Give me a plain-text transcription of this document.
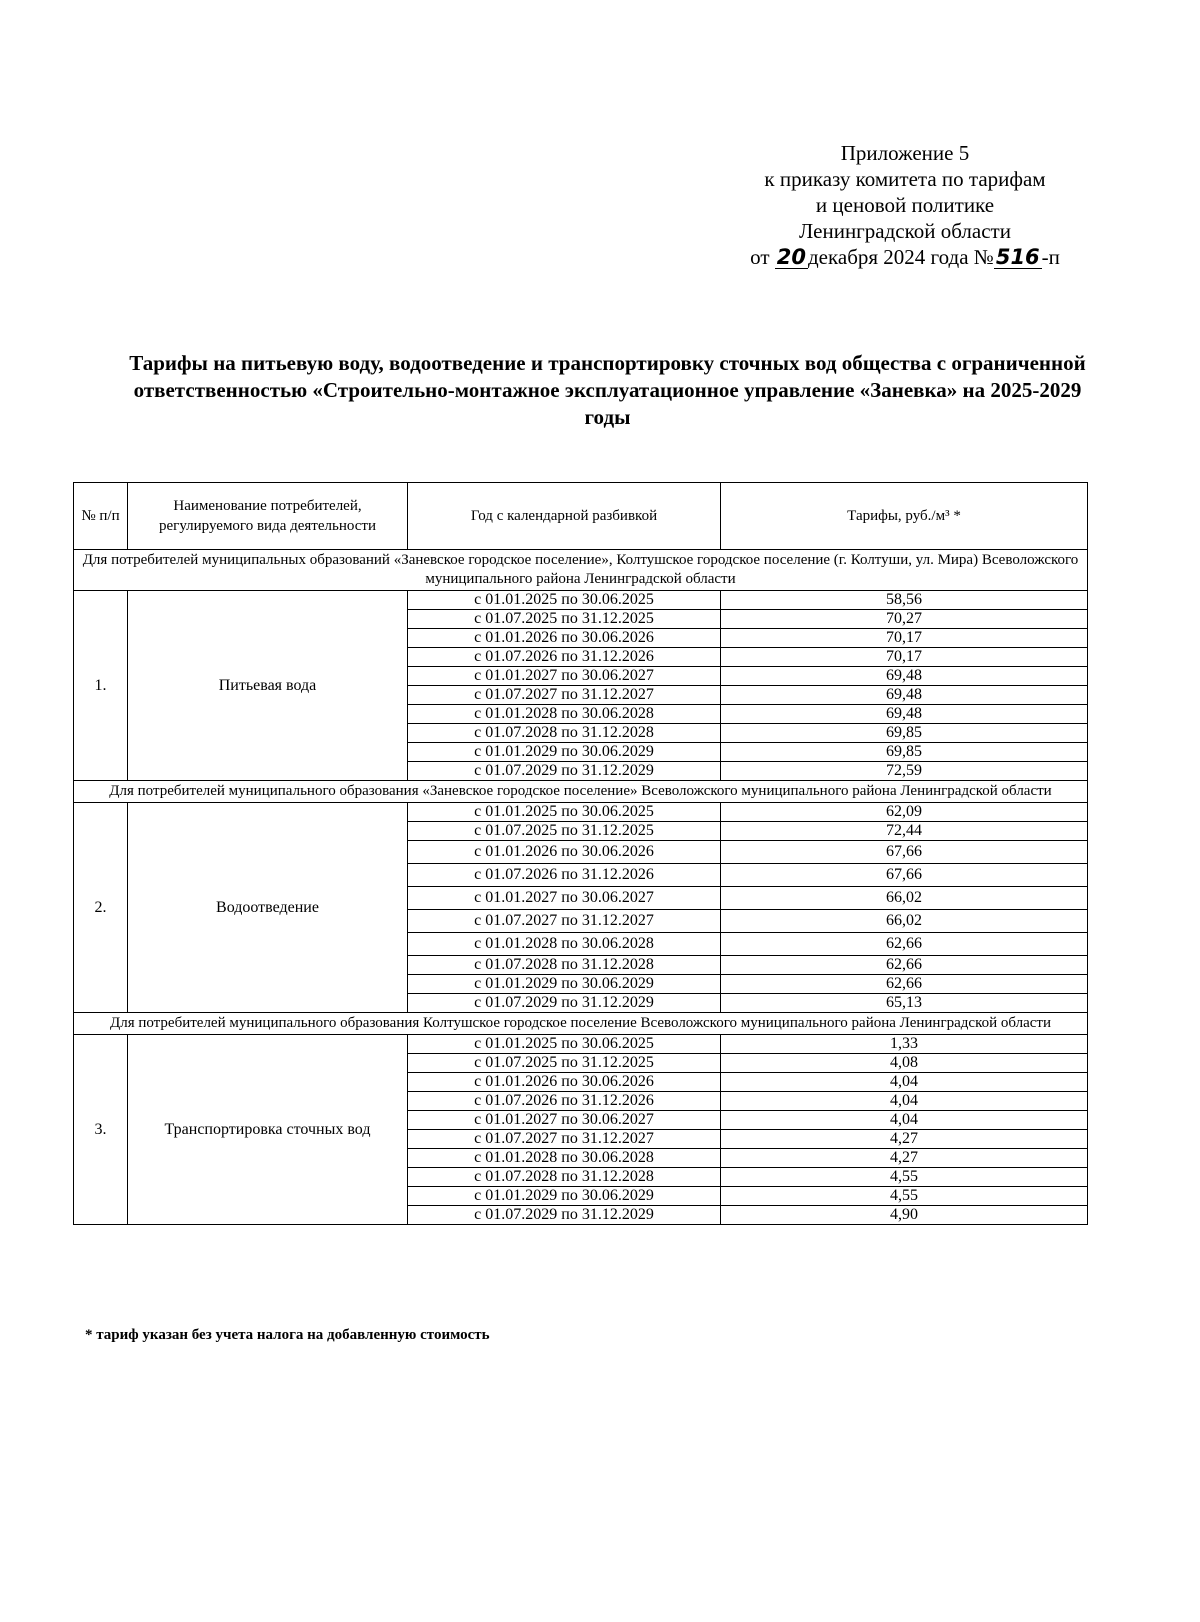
Приложение 5
к приказу комитета по тарифам
и ценовой политике
Ленинградской области
от 20декабря 2024 года №516-п
Тарифы на питьевую воду, водоотведение и транспортировку сточных вод общества с ограниченной ответственностью «Строительно-монтажное эксплуатационное управление «Заневка» на 2025-2029 годы
№ п/п	Наименование потребителей, регулируемого вида деятельности	Год с календарной разбивкой	Тарифы, руб./м³ *
Для потребителей муниципальных образований «Заневское городское поселение», Колтушское городское поселение (г. Колтуши, ул. Мира) Всеволожского муниципального района Ленинградской области			
1.	Питьевая вода	с 01.01.2025 по 30.06.2025	58,56
		с 01.07.2025 по 31.12.2025	70,27
		с 01.01.2026 по 30.06.2026	70,17
		с 01.07.2026 по 31.12.2026	70,17
		с 01.01.2027 по 30.06.2027	69,48
		с 01.07.2027 по 31.12.2027	69,48
		с 01.01.2028 по 30.06.2028	69,48
		с 01.07.2028 по 31.12.2028	69,85
		с 01.01.2029 по 30.06.2029	69,85
		с 01.07.2029 по 31.12.2029	72,59
Для потребителей муниципального образования «Заневское городское поселение» Всеволожского муниципального района Ленинградской области			
2.	Водоотведение	с 01.01.2025 по 30.06.2025	62,09
		с 01.07.2025 по 31.12.2025	72,44
		с 01.01.2026 по 30.06.2026	67,66
		с 01.07.2026 по 31.12.2026	67,66
		с 01.01.2027 по 30.06.2027	66,02
		с 01.07.2027 по 31.12.2027	66,02
		с 01.01.2028 по 30.06.2028	62,66
		с 01.07.2028 по 31.12.2028	62,66
		с 01.01.2029 по 30.06.2029	62,66
		с 01.07.2029 по 31.12.2029	65,13
Для потребителей муниципального образования Колтушское городское поселение Всеволожского муниципального района Ленинградской области			
3.	Транспортировка сточных вод	с 01.01.2025 по 30.06.2025	1,33
		с 01.07.2025 по 31.12.2025	4,08
		с 01.01.2026 по 30.06.2026	4,04
		с 01.07.2026 по 31.12.2026	4,04
		с 01.01.2027 по 30.06.2027	4,04
		с 01.07.2027 по 31.12.2027	4,27
		с 01.01.2028 по 30.06.2028	4,27
		с 01.07.2028 по 31.12.2028	4,55
		с 01.01.2029 по 30.06.2029	4,55
		с 01.07.2029 по 31.12.2029	4,90
* тариф указан без учета налога на добавленную стоимость
